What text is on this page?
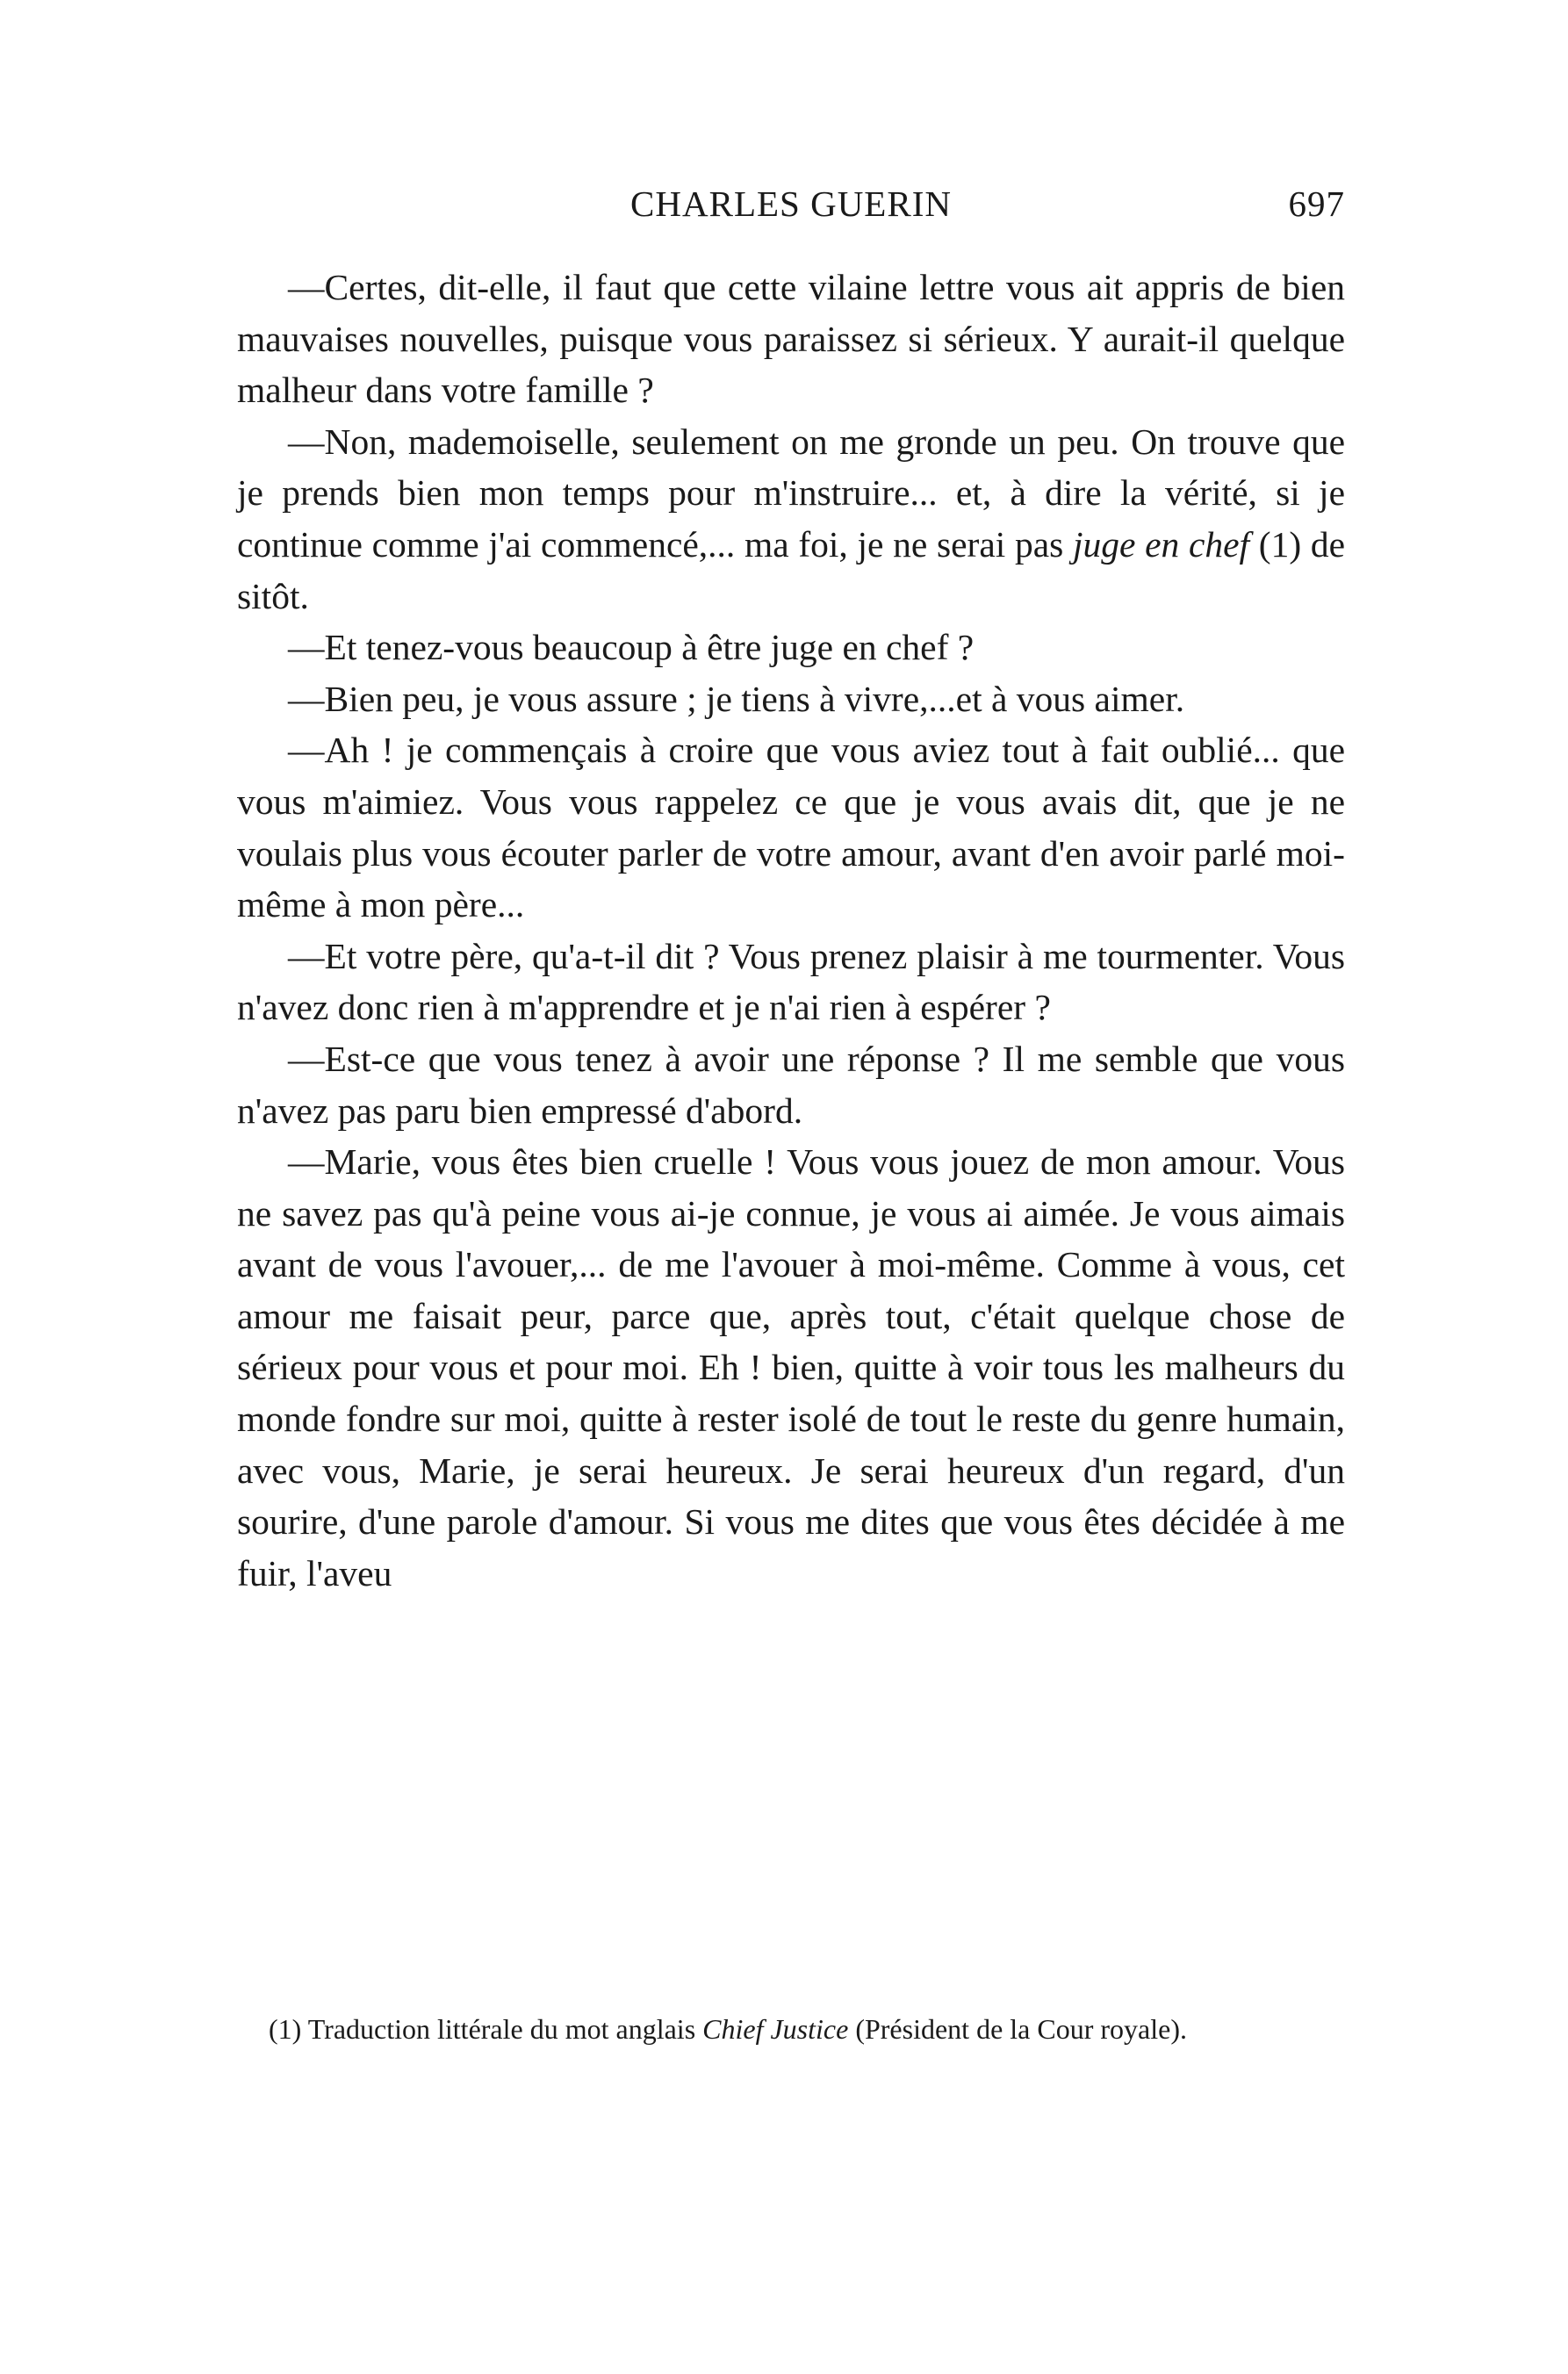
CHARLES GUERIN	697

—Certes, dit-elle, il faut que cette vilaine lettre vous ait appris de bien mauvaises nouvelles, puisque vous paraissez si sérieux. Y aurait-il quelque malheur dans votre famille ?

—Non, mademoiselle, seulement on me gronde un peu. On trouve que je prends bien mon temps pour m'instruire... et, à dire la vérité, si je continue comme j'ai commencé,... ma foi, je ne serai pas juge en chef (1) de sitôt.

—Et tenez-vous beaucoup à être juge en chef ?

—Bien peu, je vous assure ; je tiens à vivre,...et à vous aimer.

—Ah ! je commençais à croire que vous aviez tout à fait oublié... que vous m'aimiez. Vous vous rappelez ce que je vous avais dit, que je ne voulais plus vous écouter parler de votre amour, avant d'en avoir parlé moi-même à mon père...

—Et votre père, qu'a-t-il dit ? Vous prenez plaisir à me tourmenter. Vous n'avez donc rien à m'apprendre et je n'ai rien à espérer ?

—Est-ce que vous tenez à avoir une réponse ? Il me semble que vous n'avez pas paru bien empressé d'abord.

—Marie, vous êtes bien cruelle ! Vous vous jouez de mon amour. Vous ne savez pas qu'à peine vous ai-je connue, je vous ai aimée. Je vous aimais avant de vous l'avouer,... de me l'avouer à moi-même. Comme à vous, cet amour me faisait peur, parce que, après tout, c'était quelque chose de sérieux pour vous et pour moi. Eh ! bien, quitte à voir tous les malheurs du monde fondre sur moi, quitte à rester isolé de tout le reste du genre humain, avec vous, Marie, je serai heureux. Je serai heureux d'un regard, d'un sourire, d'une parole d'amour. Si vous me dites que vous êtes décidée à me fuir, l'aveu

(1) Traduction littérale du mot anglais Chief Justice (Président de la Cour royale).
